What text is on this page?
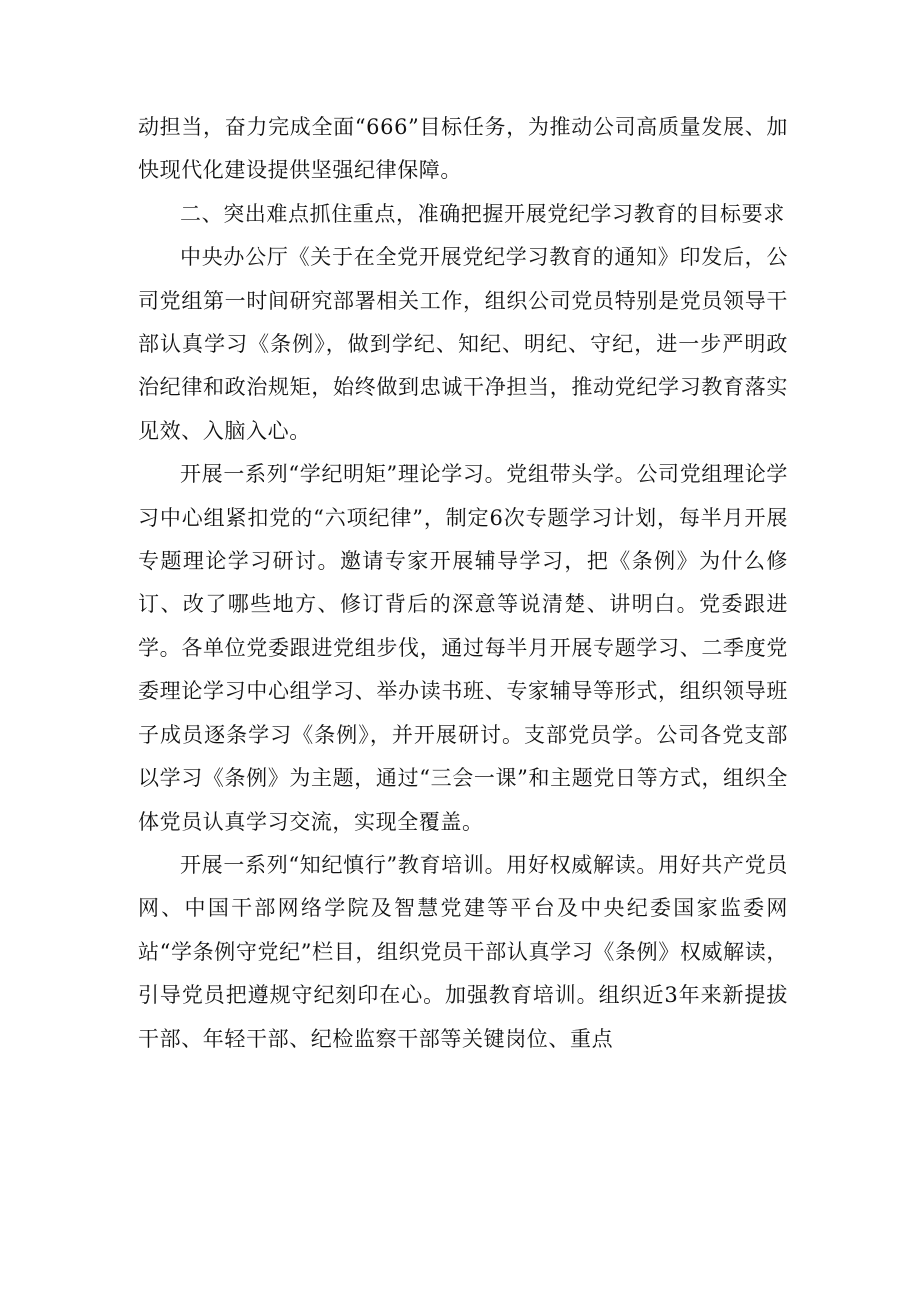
动担当，奋力完成全面“666”目标任务，为推动公司高质量发展、加快现代化建设提供坚强纪律保障。

二、突出难点抓住重点，准确把握开展党纪学习教育的目标要求

中央办公厅《关于在全党开展党纪学习教育的通知》印发后，公司党组第一时间研究部署相关工作，组织公司党员特别是党员领导干部认真学习《条例》，做到学纪、知纪、明纪、守纪，进一步严明政治纪律和政治规矩，始终做到忠诚干净担当，推动党纪学习教育落实见效、入脑入心。

开展一系列“学纪明矩”理论学习。党组带头学。公司党组理论学习中心组紧扣党的“六项纪律”，制定6次专题学习计划，每半月开展专题理论学习研讨。邀请专家开展辅导学习，把《条例》为什么修订、改了哪些地方、修订背后的深意等说清楚、讲明白。党委跟进学。各单位党委跟进党组步伐，通过每半月开展专题学习、二季度党委理论学习中心组学习、举办读书班、专家辅导等形式，组织领导班子成员逐条学习《条例》，并开展研讨。支部党员学。公司各党支部以学习《条例》为主题，通过“三会一课”和主题党日等方式，组织全体党员认真学习交流，实现全覆盖。

开展一系列“知纪慎行”教育培训。用好权威解读。用好共产党员网、中国干部网络学院及智慧党建等平台及中央纪委国家监委网站“学条例守党纪”栏目，组织党员干部认真学习《条例》权威解读，引导党员把遵规守纪刻印在心。加强教育培训。组织近3年来新提拔干部、年轻干部、纪检监察干部等关键岗位、重点
